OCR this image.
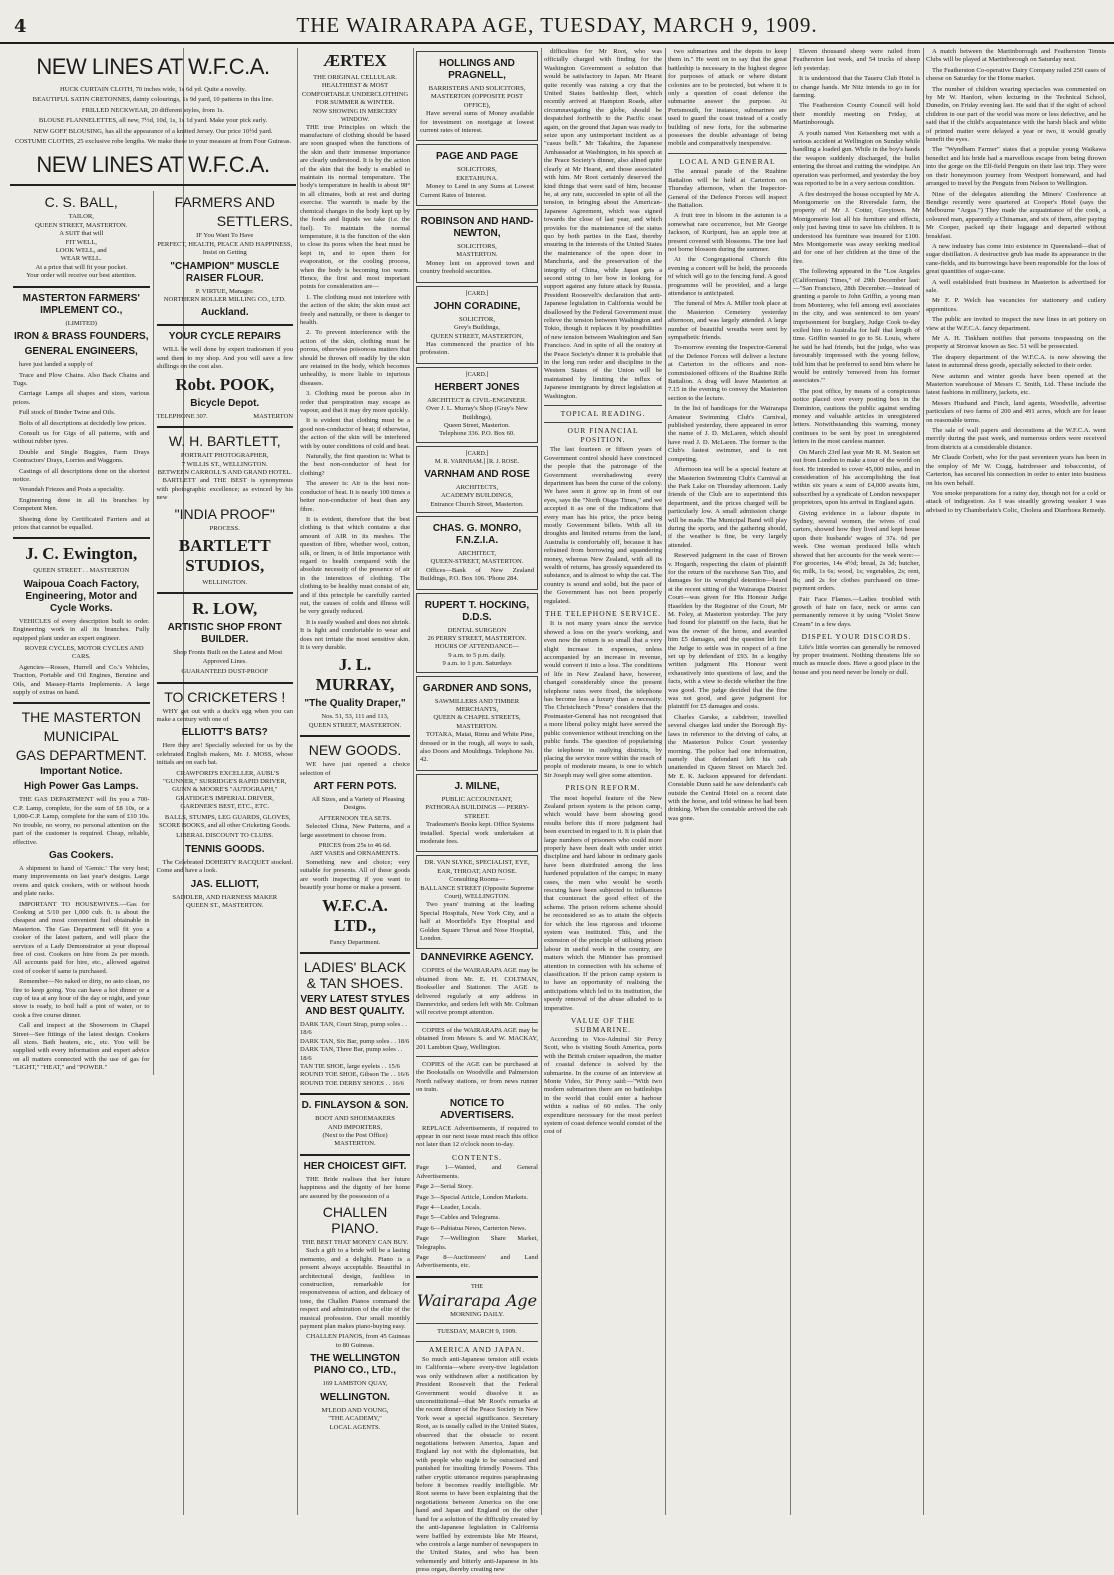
4	THE WAIRARAPA AGE, TUESDAY, MARCH 9, 1909.
NEW LINES AT W.F.C.A.

HUCK CURTAIN CLOTH, 70 inches wide, 1s 6d yd. Quite a novelty.

BEAUTIFUL SATIN CRETONNES, dainty colourings, 1s 9d yard, 10 patterns in this line.

FRILLED NECKWEAR, 20 different styles, from 1s.

BLOUSE FLANNELETTES, all new, 7½d, 10d, 1s, 1s 1d yard. Make your pick early.

NEW GOFF BLOUSING, has all the appearance of a knitted Jersey. Our price 10½d yard.

COSTUME CLOTHS, 25 exclusive robe lengths. We make these to your measure at from Four Guineas.

NEW LINES AT W.F.C.A.
C. S. BALL,
TAILOR,
QUEEN STREET, MASTERTON.
A SUIT that will
FIT WELL,
LOOK WELL, and
WEAR WELL.
At a price that will fit your pocket.
Your order will receive our best attention.
MASTERTON FARMERS' IMPLEMENT CO.,
(LIMITED)
IRON & BRASS FOUNDERS,
GENERAL ENGINEERS,

have just landed a supply of

Trace and Plow Chains. Also Back Chains and Tugs.

Carriage Lamps all shapes and sizes, various prices.

Full stock of Binder Twine and Oils.

Bolts of all descriptions at decidedly low prices.

Consult us for Gigs of all patterns, with and without rubber tyres.

Double and Single Buggies, Farm Drays Contractors' Drays, Lorries and Waggons.

Castings of all descriptions done on the shortest notice.

Verandah Friezes and Posts a speciality.

Engineering done in all its branches by Competent Men.

Shoeing done by Certificated Farriers and at prices that cannot be equalled.

J. C. Ewington,
QUEEN STREET . . MASTERTON
Waipoua Coach Factory, Engineering, Motor and Cycle Works.

VEHICLES of every description built to order. Engineering work in all its branches. Fully equipped plant under an expert engineer.

ROVER CYCLES, MOTOR CYCLES AND CARS.

Agencies—Rosses, Hurrell and Co.'s Vehicles, Traction, Portable and Oil Engines, Benzine and Oils, and Massey-Harris Implements. A large supply of extras on hand.

THE MASTERTON
MUNICIPAL
GAS DEPARTMENT.
Important Notice.
High Power Gas Lamps.

THE GAS DEPARTMENT will fix you a 700-C.P. Lamp, complete, for the sum of £8 10s, or a 1,000-C.P. Lamp, complete for the sum of £10 10s. No trouble, no worry, no personal attention on the part of the customer is required. Cheap, reliable, effective.

Gas Cookers.

A shipment to hand of 'Gemic.' The very best; many improvements on last year's designs. Large ovens and quick cookers, with or without hoods and plate racks.

IMPORTANT TO HOUSEWIVES.—Gas for Cooking at 5/10 per 1,000 cub. ft. is about the cheapest and most convenient fuel obtainable in Masterton. The Gas Department will fit you a cooker of the latest pattern, and will place the services of a Lady Demonstrator at your disposal free of cost. Cookers on hire from 2s per month. All accounts paid for hire, etc., allowed against cost of cooker if same is purchased.

Remember—No naked or dirty, no asto clean, no fire to keep going. You can have a hot dinner or a cup of tea at any hour of the day or night, and your stove is ready, to boil half a pint of water, or to cook a five course dinner.

Call and inspect at the Showroom in Chapel Street—See fittings of the latest design. Cookers all sizes. Bath heaters, etc., etc. You will be supplied with every information and expert advice on all matters connected with the use of gas for "LIGHT," "HEAT," and "POWER."

FARMERS AND
SETTLERS.
IF You Want To Have
PERFECT, HEALTH, PEACE AND HAPPINESS,
Insist on Getting
"CHAMPION" MUSCLE RAISER FLOUR.
P. VIRTUE, Manager.
NORTHERN ROLLER MILLING CO., LTD.
Auckland.
YOUR CYCLE REPAIRS

WILL be well done by expert tradesmen if you send them to my shop. And you will save a few shillings on the cost also.

Robt. POOK,
Bicycle Depot.
TELEPHONE 307.	MASTERTON
W. H. BARTLETT,
PORTRAIT PHOTOGRAPHER,
7 WILLIS ST., WELLINGTON.
BETWEEN CARROLL'S AND GRAND HOTEL.

BARTLETT and THE BEST is synonymous with photographic excellence; as evinced by his new

"INDIA PROOF"
PROCESS.
BARTLETT STUDIOS,
WELLINGTON.
R. LOW,
ARTISTIC SHOP FRONT BUILDER.

Shop Fronts Built on the Latest and Most Approved Lines.

GUARANTEED DUST-PROOF
TO CRICKETERS !

WHY get out with a duck's egg when you can make a century with one of

ELLIOTT'S BATS?

Here they are! Specially selected for us by the celebrated English makers, Mr. J. MOSS, whose initials are on each bat.

CRAWFORD'S EXCELLER, AUBL'S "GUNNER," SURRIDGE'S RAPID DRIVER, GUNN & MOORE'S "AUTOGRAPH," GRATIDGE'S IMPERIAL DRIVER, GARDNER'S BEST, ETC., ETC.

BALLS, STUMPS, LEG GUARDS, GLOVES, SCORE BOOKS, and all other Cricketing Goods.

LIBERAL DISCOUNT TO CLUBS.
TENNIS GOODS.

The Celebrated DOHERTY RACQUET stocked. Come and have a look.

JAS. ELLIOTT,
SADDLER, AND HARNESS MAKER
QUEEN ST., MASTERTON.
ÆRTEX
THE ORIGINAL CELLULAR.
HEALTHIEST & MOST COMFORTABLE UNDERCLOTHING FOR SUMMER & WINTER.
NOW SHOWING IN MERCERY WINDOW.

THE true Principles on which the manufacture of clothing should be based are soon grasped when the functions of the skin and their immense importance are clearly understood. It is by the action of the skin that the body is enabled to maintain its normal temperature. The body's temperature in health is about 98° in all climates, both at rest and during exercise. The warmth is made by the chemical changes in the body kept up by the foods and liquids we take (i.e. the fuel). To maintain the normal temperature, it is the function of the skin to close its pores when the heat must be kept in, and to open them for evaporation, or the cooling process, when the body is becoming too warm. Hence, the first and most important points for consideration are—

1. The clothing must not interfere with the action of the skin; the skin must act freely and naturally, or there is danger to health.

2. To prevent interference with the action of the skin, clothing must be porous, otherwise poisonous matters that should be thrown off readily by the skin are retained in the body, which becomes unhealthy, is more liable to injurious diseases.

3. Clothing must be porous also in order that perspiration may escape as vapour, and that it may dry more quickly.

It is evident that clothing must be a good non-conductor of heat; if otherwise, the action of the skin will be interfered with by outer conditions of cold and heat.

Naturally, the first question is: What is the best non-conductor of heat for clothing?

The answer is: Air is the best non-conductor of heat. It is nearly 100 times a better non-conductor of heat than any fibre.

It is evident, therefore that the best clothing is that which contains a due amount of AIR in its meshes. The question of fibre, whether wool, cotton, silk, or linen, is of little importance with regard to health compared with the absolute necessity of the presence of air in the interstices of clothing. The clothing to be healthy must consist of air, and if this principle be carefully carried out, the causes of colds and illness will be very greatly reduced.

It is easily washed and does not shrink. It is light and comfortable to wear and does not irritate the most sensitive skin. It is very durable.

J. L. MURRAY,
"The Quality Draper,"
Nos. 51, 53, 111 and 113,
QUEEN STREET, MASTERTON.
NEW GOODS.

WE have just opened a choice selection of

ART FERN POTS.

All Sizes, and a Variety of Pleasing Designs.

AFTERNOON TEA SETS.

Selected China, New Patterns, and a large assortment to choose from.

PRICES from 25s to 46 6d.
ART VASES and ORNAMENTS.

Something new and choice; very suitable for presents. All of these goods are worth inspecting if you want to beautify your home or make a present.

W.F.C.A. LTD.,
Fancy Department.
LADIES' BLACK & TAN SHOES.
VERY LATEST STYLES AND BEST QUALITY.
DARK TAN, Court Strap, pump soles . . 18/6
DARK TAN, Six Bar, pump soles . . 18/6
DARK TAN, Three Bar, pump soles . . 18/6
TAN TIE SHOE, large eyelets . . 15/6
ROUND TOE SHOE, Gibson Tie . . 16/6
ROUND TOE DERBY SHOES . . 16/6
D. FINLAYSON & SON.
BOOT AND SHOEMAKERS
AND IMPORTERS,
(Next to the Post Office)
MASTERTON.
HER CHOICEST GIFT.

THE Bride realises that her future happiness and the dignity of her home are assured by the possession of a

CHALLEN PIANO.
THE BEST THAT MONEY CAN BUY.

Such a gift to a bride will be a lasting memento, and a delight. Piano is a present always acceptable. Beautiful in architectural design, faultless in construction, remarkable for responsiveness of action, and delicacy of tone, the Challen Pianos command the respect and admiration of the elite of the musical profession. Our small monthly payment plan makes piano-buying easy.

CHALLEN PIANOS, from 45 Guineas to 80 Guineas.

THE WELLINGTON PIANO CO., LTD.,
169 LAMBTON QUAY,
WELLINGTON.
M'LEOD AND YOUNG,
"THE ACADEMY,"
LOCAL AGENTS.
HOLLINGS AND PRAGNELL,
BARRISTERS AND SOLICITORS,
MASTERTON (OPPOSITE POST OFFICE),

Have several sums of Money available for investment on mortgage at lowest current rates of interest.

PAGE AND PAGE
SOLICITORS,
EKETAHUNA.

Money to Lend in any Sums at Lowest Current Rates of Interest.

ROBINSON AND HAND-NEWTON,
SOLICITORS,
MASTERTON.

Money lent on approved town and country freehold securities.

[CARD.]
JOHN CORADINE,
SOLICITOR,
Grey's Buildings,
QUEEN STREET, MASTERTON,

Has commenced the practice of his profession.

[CARD.]
HERBERT JONES
ARCHITECT & CIVIL-ENGINEER.
Over J. L. Murray's Shop (Gray's New Buildings),
Queen Street, Masterton.
Telephone 336. P.O. Box 60.
[CARD.]
M. R. VARNHAM.] [R. J. ROSE.
VARNHAM AND ROSE
ARCHITECTS,
ACADEMY BUILDINGS,
Entrance Church Street, Masterton.
CHAS. G. MONRO, F.N.Z.I.A.
ARCHITECT,
QUEEN-STREET, MASTERTON.

Offices—Bank of New Zealand Buildings, P.O. Box 106. 'Phone 284.

RUPERT T. HOCKING, D.D.S.
DENTAL SURGEON
26 PERRY STREET, MASTERTON.
HOURS OF ATTENDANCE—
9 a.m. to 5 p.m. daily.
9 a.m. to 1 p.m. Saturdays
GARDNER AND SONS,
SAWMILLERS AND TIMBER MERCHANTS,
QUEEN & CHAPEL STREETS, MASTERTON.

TOTARA, Matai, Rimu and White Pine, dressed or in the rough, all ways to sash, also Doors and Mouldings. Telephone No. 42.

J. MILNE,
PUBLIC ACCOUNTANT,
PATHORAA BUILDINGS — PERRY-STREET.

Tradesmen's Books kept. Office Systems installed. Special work undertaken at moderate fees.

DR. VAN SLYKE, SPECIALIST, EYE, EAR, THROAT, AND NOSE.
Consulting Rooms—
BALLANCE STREET (Opposite Supreme Court), WELLINGTON.

Two years' training at the leading Special Hospitals, New York City, and a half at Moorfield's Eye Hospital and Golden Square Throat and Nose Hospital, London.

DANNEVIRKE AGENCY.

COPIES of the WAIRARAPA AGE may be obtained from Mr. E. H. COLTMAN, Bookseller and Stationer. The AGE is delivered regularly at any address in Dannevirke, and orders left with Mr. Coltman will receive prompt attention.

COPIES of the WAIRARAPA AGE may be obtained from Messrs S. and W. MACKAY, 201 Lambton Quay, Wellington.

COPIES of the AGE can be purchased at the Bookstalls on Woodville and Palmerston North railway stations, or from news runner on train.

NOTICE TO ADVERTISERS.

REPLACE Advertisements, if required to appear in our next issue must reach this office not later than 12 o'clock noon to-day.

CONTENTS.

Page 1—Wanted, and General Advertisements.

Page 2—Serial Story.

Page 3—Special Article, London Markets.

Page 4—Leader, Locals.

Page 5—Cables and Telegrams.

Page 6—Pahiatua News, Carterton News.

Page 7—Wellington Share Market, Telegraphs.

Page 8—Auctioneers' and Land Advertisements, etc.

THE
Wairarapa Age
MORNING DAILY.
TUESDAY, MARCH 9, 1909.
AMERICA AND JAPAN.

So much anti-Japanese tension still exists in California—where every-tive legislation was only withdrawn after a notification by President Roosevelt that the Federal Government would dissolve it as unconstitutional—that Mr Root's remarks at the recent dinner of the Peace Society in New York wear a special significance. Secretary Root, as is usually called in the United States, observed that the obstacle to recent negotiations between America, Japan and England lay not with the diplomatists, but with people who ought to be ostracised and punished for insulting friendly Powers. This rather cryptic utterance requires paraphrasing before it becomes readily intelligible. Mr Root seems to have been explaining that the negotiations between America on the one hand and Japan and England on the other hand for a solution of the difficulty created by the anti-Japanese legislation in California were baffled by extremists like Mr Hearst, who controls a large number of newspapers in the United States, and who has been vehemently and bitterly anti-Japanese in his press organ, thereby creating new

difficulties for Mr Root, who was officially charged with finding for the Washington Government a solution that would be satisfactory to Japan. Mr Hearst quite recently was raising a cry that the United States battleship fleet, which recently arrived at Hampton Roads, after circumnavigating the globe, should be despatched forthwith to the Pacific coast again, on the ground that Japan was ready to seize upon any unimportant incident as a "casus belli." Mr Takahira, the Japanese Ambassador at Washington, in his speech at the Peace Society's dinner, also alined quite clearly at Mr Hearst, and those associated with him. Mr Root certainly deserved the kind things that were said of him, because he, at any rate, succeeded in spite of all the tension, in bringing about the American-Japanese Agreement, which was signed towards the close of last year, and which provides for the maintenance of the status quo by both parties in the East, thereby ensuring in the interests of the United States the maintenance of the open door in Manchuria, and the preservation of the integrity of China, while Japan gets a second string to her bow in looking for support against any future attack by Russia. President Roosevelt's declaration that anti-Japanese legislation in California would be disallowed by the Federal Government must relieve the tension between Washington and Tokio, though it replaces it by possibilities of new tension between Washington and San Francisco. And in spite of all the oratory at the Peace Society's dinner it is probable that in the long run order and discipline in the Western States of the Union will be maintained by limiting the influx of Japanese immigrants by direct legislation at Washington.

TOPICAL READING.
OUR FINANCIAL POSITION.

The last fourteen or fifteen years of Government control should have convinced the people that the patronage of the Government overshadowing every department has been the curse of the colony. We have seen it grow up in front of our eyes, says the "North Otago Times," and we accepted it as one of the indications that every man has his price, the price being mostly Government billets. With all its droughts and limited returns from the land, Australia is comfortably off, because it has refrained from borrowing and squandering money, whereas New Zealand, with all its wealth of returns, has grossly squandered its substance, and is almost to whip the cat. The country is sound and solid, but the pace of the Government has not been properly regulated.

THE TELEPHONE SERVICE.

It is not many years since the service showed a loss on the year's working, and even now the return is so small that a very slight increase in expenses, unless accompanied by an increase in revenue, would convert it into a loss. The conditions of life in New Zealand have, however, changed considerably since the present telephone rates were fixed, the telephone has become less a luxury than a necessity. The Christchurch "Press" considers that the Postmaster-General has not recognised that a more liberal policy might have served the public convenience without trenching on the public funds. The question of popularising the telephone in outlying districts, by placing the service more within the reach of people of moderate means, is one to which Sir Joseph may well give some attention.

PRISON REFORM.

The most hopeful feature of the New Zealand prison system is the prison camp, which would have been showing good results before this if more judgment had been exercised in regard to it. It is plain that large numbers of prisoners who could more properly have been dealt with under strict discipline and hard labour in ordinary gaols have been distributed among the less hardened population of the camps; in many cases, the men who would be worth rescuing have been subjected to influences that counteract the good effect of the scheme. The prison reform scheme should be reconsidered so as to attain the objects for which the less rigorous and irksome system was instituted. This, and the extension of the principle of utilising prison labour in useful work in the country, are matters which the Minister has promised attention in connection with his scheme of classification. If the prison camp system is to have an opportunity of realising the anticipations which led to its institution, the speedy removal of the abuse alluded to is imperative.

VALUE OF THE SUBMARINE.

According to Vice-Admiral Sir Percy Scott, who is visiting South America, ports with the British cruiser squadron, the matter of coastal defence is solved by the submarine. In the course of an interview at Monte Video, Sir Percy said:—"With two modern submarines there are no battleships in the world that could enter a harbour within a radius of 60 miles. The only expenditure necessary for the most perfect system of coast defence would consist of the cost of

two submarines and the depots to keep them in." He went on to say that the great battleship is necessary in the highest degree for purposes of attack or where distant colonies are to be protected, but where it is only a question of coast defence the submarine answer the purpose. At Portsmouth, for instance, submarines are used to guard the coast instead of a costly building of new forts, for the submarine possesses the double advantage of being mobile and comparatively inexpensive.

LOCAL AND GENERAL

The annual parade of the Ruahine Battalion will be held at Carterton on Thursday afternoon, when the Inspector-General of the Defence Forces will inspect the Battalion.

A fruit tree in bloom in the autumn is a somewhat rare occurrence, but Mr George Jackson, of Kuripuni, has an apple tree at present covered with blossoms. The tree had not borne blossom during the summer.

At the Congregational Church this evening a concert will be held, the proceeds of which will go to the fencing fund. A good programme will be provided, and a large attendance is anticipated.

The funeral of Mrs A. Miller took place at the Masterton Cemetery yesterday afternoon, and was largely attended. A large number of beautiful wreaths were sent by sympathetic friends.

To-morrow evening the Inspector-General of the Defence Forces will deliver a lecture at Carterton to the officers and non-commissioned officers of the Ruahine Rifle Battalion. A drag will leave Masterton at 7.15 in the evening to convey the Masterton section to the lecture.

In the list of handicaps for the Wairarapa Amateur Swimming Club's Carnival, published yesterday, there appeared in error the name of J. D. McLaren, which should have read J. D. McLaren. The former is the Club's fastest swimmer, and is not competing.

Afternoon tea will be a special feature at the Masterton Swimming Club's Carnival at the Park Lake on Thursday afternoon. Lady friends of the Club are to superintend this department, and the prices charged will be particularly low. A small admission charge will be made. The Municipal Band will play during the sports, and the gathering should, if the weather is fine, be very largely attended.

Reserved judgment in the case of Brown v. Hogarth, respecting the claim of plaintiff for the return of the racehorse San Tito, and damages for its wrongful detention—heard at the recent sitting of the Wairarapa District Court—was given for His Honour Judge Haselden by the Registrar of the Court, Mr M. Foley, at Masterton yesterday. The jury had found for plaintiff on the facts, that he was the owner of the horse, and awarded him £5 damages, and the question left for the Judge to settle was in respect of a fine set up by defendant of £93. In a lengthy written judgment His Honour went exhaustively into questions of law, and the facts, with a view to decide whether the fine was good. The judge decided that the fine was not good, and gave judgment for plaintiff for £5 damages and costs.

Charles Garske, a cabdriver, travelled several charges laid under the Borough By-laws in reference to the driving of cabs, at the Masterton Police Court yesterday morning. The police had one information, namely that defendant left his cab unattended in Queen Street on March 3rd. Mr E. K. Jackson appeared for defendant. Constable Dunn said he saw defendant's cab outside the Central Hotel on a recent date with the horse, and told witness he had been drinking. When the constable arrived the cab was gone.

Eleven thousand sheep were railed from Featherston last week, and 54 trucks of sheep left yesterday.

It is understood that the Taueru Club Hotel is to change hands. Mr Nitz intends to go in for farming.

The Featherston County Council will hold their monthly meeting on Friday, at Martinborough.

A youth named Von Keisenberg met with a serious accident at Wellington on Sunday while handling a loaded gun. While in the boy's hands the weapon suddenly discharged, the bullet entering the throat and cutting the windpipe. An operation was performed, and yesterday the boy was reported to be in a very serious condition.

A fire destroyed the house occupied by Mr A. Montgomerie on the Riversdale farm, the property of Mr J. Cotter, Greytown. Mr Montgomerie lost all his furniture and effects, only just having time to save his children. It is understood his furniture was insured for £100. Mrs Montgomerie was away seeking medical aid for one of her children at the time of the fire.

The following appeared in the "Los Angeles (Californian) Times," of 29th December last:—"San Francisco, 28th December.—Instead of granting a parole to John Griffin, a young man from Monterey, who fell among evil associates in the city, and was sentenced to ten years' imprisonment for burglary, Judge Cook to-day exiled him to Australia for half that length of time. Griffin wanted to go to St. Louis, where he said he had friends, but the judge, who was favourably impressed with the young fellow, told him that he preferred to send him where he would be entirely 'removed from his former associates.'"

The post office, by means of a conspicuous notice placed over every posting box in the Dominion, cautions the public against sending money and valuable articles in unregistered letters. Notwithstanding this warning, money continues to be sent by post in unregistered letters in the most careless manner.

On March 23rd last year Mr R. M. Seaton set out from London to make a tour of the world on foot. He intended to cover 45,000 miles, and in consideration of his accomplishing the feat within six years a sum of £4,000 awaits him, subscribed by a syndicate of London newspaper proprietors, upon his arrival in England again.

Giving evidence in a labour dispute in Sydney, several women, the wives of coal carters, showed how they lived and kept house upon their husbands' wages of 37s. 6d per week. One woman produced bills which showed that her accounts for the week were:—For groceries, 14s 4½d; bread, 2s 3d; butcher, 6s; milk, 1s 6s; wood, 1s; vegetables, 2s; rent, 8s; and 2s for clothes purchased on time-payment orders.

Fair Face Flames.—Ladies troubled with growth of hair on face, neck or arms can permanently remove it by using "Violet Snow Cream" in a few days.

DISPEL YOUR DISCORDS.

Life's little worries can generally be removed by proper treatment. Nothing threatens life so much as muscle does. Have a good place in the house and you need never be lonely or dull.

A match between the Martinborough and Featherston Tennis Clubs will be played at Martinborough on Saturday next.

The Featherston Co-operative Dairy Company railed 250 cases of cheese on Saturday for the Home market.

The number of children wearing spectacles was commented on by Mr W. Hanfort, when lecturing in the Technical School, Dunedin, on Friday evening last. He said that if the sight of school children in our part of the world was more or less defective, and he said that if the child's acquaintance with the harsh black and white of printed matter were delayed a year or two, it would greatly benefit the eyes.

The "Wyndham Farmer" states that a popular young Waikawa benedict and his bride had a marvellous escape from being thrown into the gorge on the Elf-field Penguin on their last trip. They were on their honeymoon journey from Westport homeward, and had arranged to travel by the Penguin from Nelson to Wellington.

Nine of the delegates attending the Miners' Conference at Bendigo recently were quartered at Cooper's Hotel (says the Melbourne "Argus.") They made the acquaintance of the cook, a coloured man, apparently a Chinaman, and six of them, after paying Mr Cooper, packed up their luggage and departed without breakfast.

A new industry has come into existence in Queensland—that of sugar distillation. A destructive grub has made its appearance in the cane-fields, and its burrowings have been responsible for the loss of great quantities of sugar-cane.

A well established fruit business in Masterton is advertised for sale.

Mr F. P. Welch has vacancies for stationery and cutlery apprentices.

The public are invited to inspect the new lines in art pottery on view at the W.F.C.A. fancy department.

Mr A. H. Tinkham notifies that persons trespassing on the property at Stronvar known as Sec. 51 will be prosecuted.

The drapery department of the W.F.C.A. is now showing the latest in autumnal dress goods, specially selected to their order.

New autumn and winter goods have been opened at the Masterton warehouse of Messrs C. Smith, Ltd. These include the latest fashions in millinery, jackets, etc.

Messrs Husband and Finch, land agents, Woodville, advertise particulars of two farms of 200 and 491 acres, which are for lease on reasonable terms.

The sale of wall papers and decorations at the W.F.C.A. went merrily during the past week, and numerous orders were received from districts at a considerable distance.

Mr Claude Corbett, who for the past seventeen years has been in the employ of Mr W. Cragg, hairdresser and tobacconist, of Carterton, has secured his connection in order to enter into business on his own behalf.

You smoke preparations for a rainy day, though not for a cold or attack of indigestion. As I was steadily growing weaker I was advised to try Chamberlain's Colic, Cholera and Diarrhoea Remedy.
